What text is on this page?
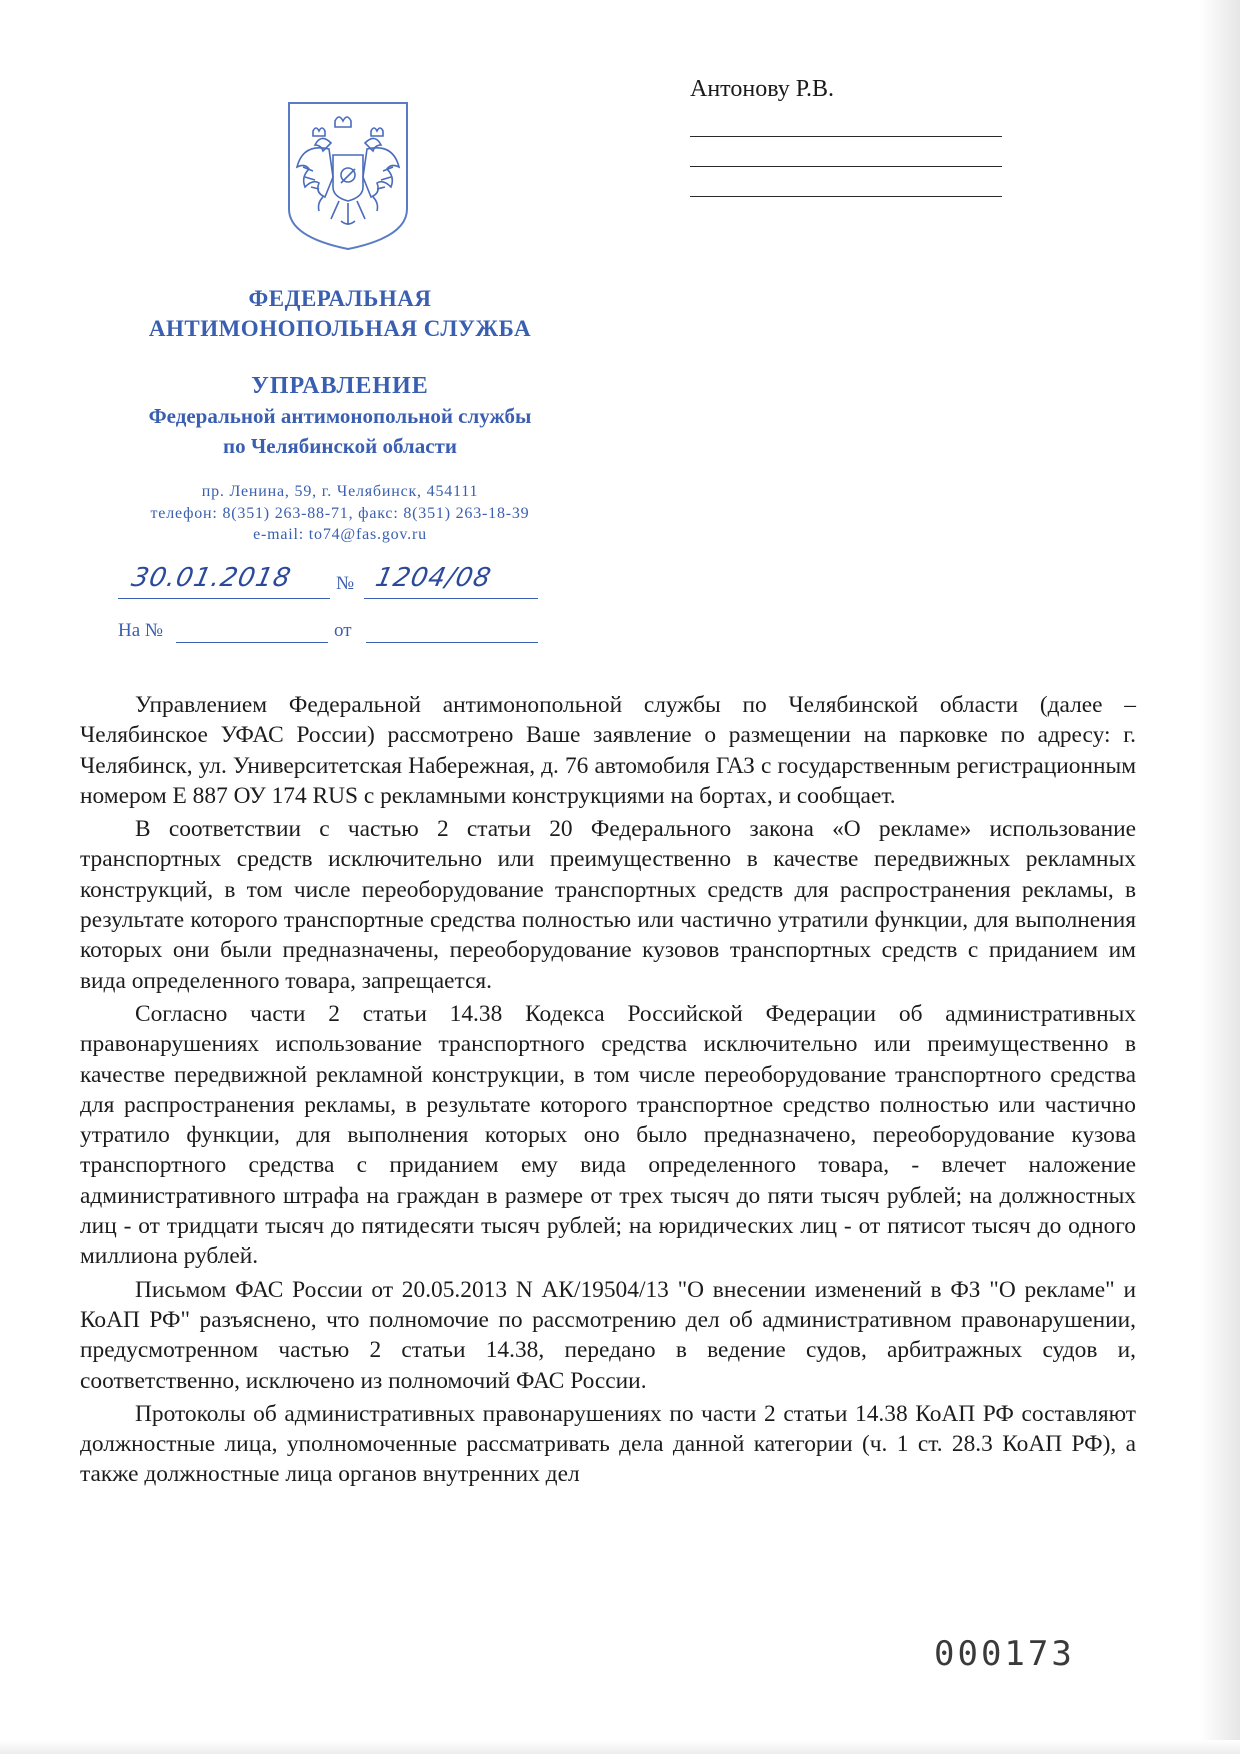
ФЕДЕРАЛЬНАЯ
АНТИМОНОПОЛЬНАЯ СЛУЖБА
УПРАВЛЕНИЕ
Федеральной антимонопольной службы
по Челябинской области
пр. Ленина, 59, г. Челябинск, 454111
телефон: 8(351) 263-88-71, факс: 8(351) 263-18-39
e-mail: to74@fas.gov.ru
30.01.2018 № 1204/08
На №	от
Антонову Р.В.

Управлением Федеральной антимонопольной службы по Челябинской области (далее – Челябинское УФАС России) рассмотрено Ваше заявление о размещении на парковке по адресу: г. Челябинск, ул. Университетская Набережная, д. 76 автомобиля ГАЗ с государственным регистрационным номером Е 887 ОУ 174 RUS с рекламными конструкциями на бортах, и сообщает.

В соответствии с частью 2 статьи 20 Федерального закона «О рекламе» использование транспортных средств исключительно или преимущественно в качестве передвижных рекламных конструкций, в том числе переоборудование транспортных средств для распространения рекламы, в результате которого транспортные средства полностью или частично утратили функции, для выполнения которых они были предназначены, переоборудование кузовов транспортных средств с приданием им вида определенного товара, запрещается.

Согласно части 2 статьи 14.38 Кодекса Российской Федерации об административных правонарушениях использование транспортного средства исключительно или преимущественно в качестве передвижной рекламной конструкции, в том числе переоборудование транспортного средства для распространения рекламы, в результате которого транспортное средство полностью или частично утратило функции, для выполнения которых оно было предназначено, переоборудование кузова транспортного средства с приданием ему вида определенного товара, - влечет наложение административного штрафа на граждан в размере от трех тысяч до пяти тысяч рублей; на должностных лиц - от тридцати тысяч до пятидесяти тысяч рублей; на юридических лиц - от пятисот тысяч до одного миллиона рублей.

Письмом ФАС России от 20.05.2013 N АК/19504/13 "О внесении изменений в ФЗ "О рекламе" и КоАП РФ" разъяснено, что полномочие по рассмотрению дел об административном правонарушении, предусмотренном частью 2 статьи 14.38, передано в ведение судов, арбитражных судов и, соответственно, исключено из полномочий ФАС России.

Протоколы об административных правонарушениях по части 2 статьи 14.38 КоАП РФ составляют должностные лица, уполномоченные рассматривать дела данной категории (ч. 1 ст. 28.3 КоАП РФ), а также должностные лица органов внутренних дел

000173
